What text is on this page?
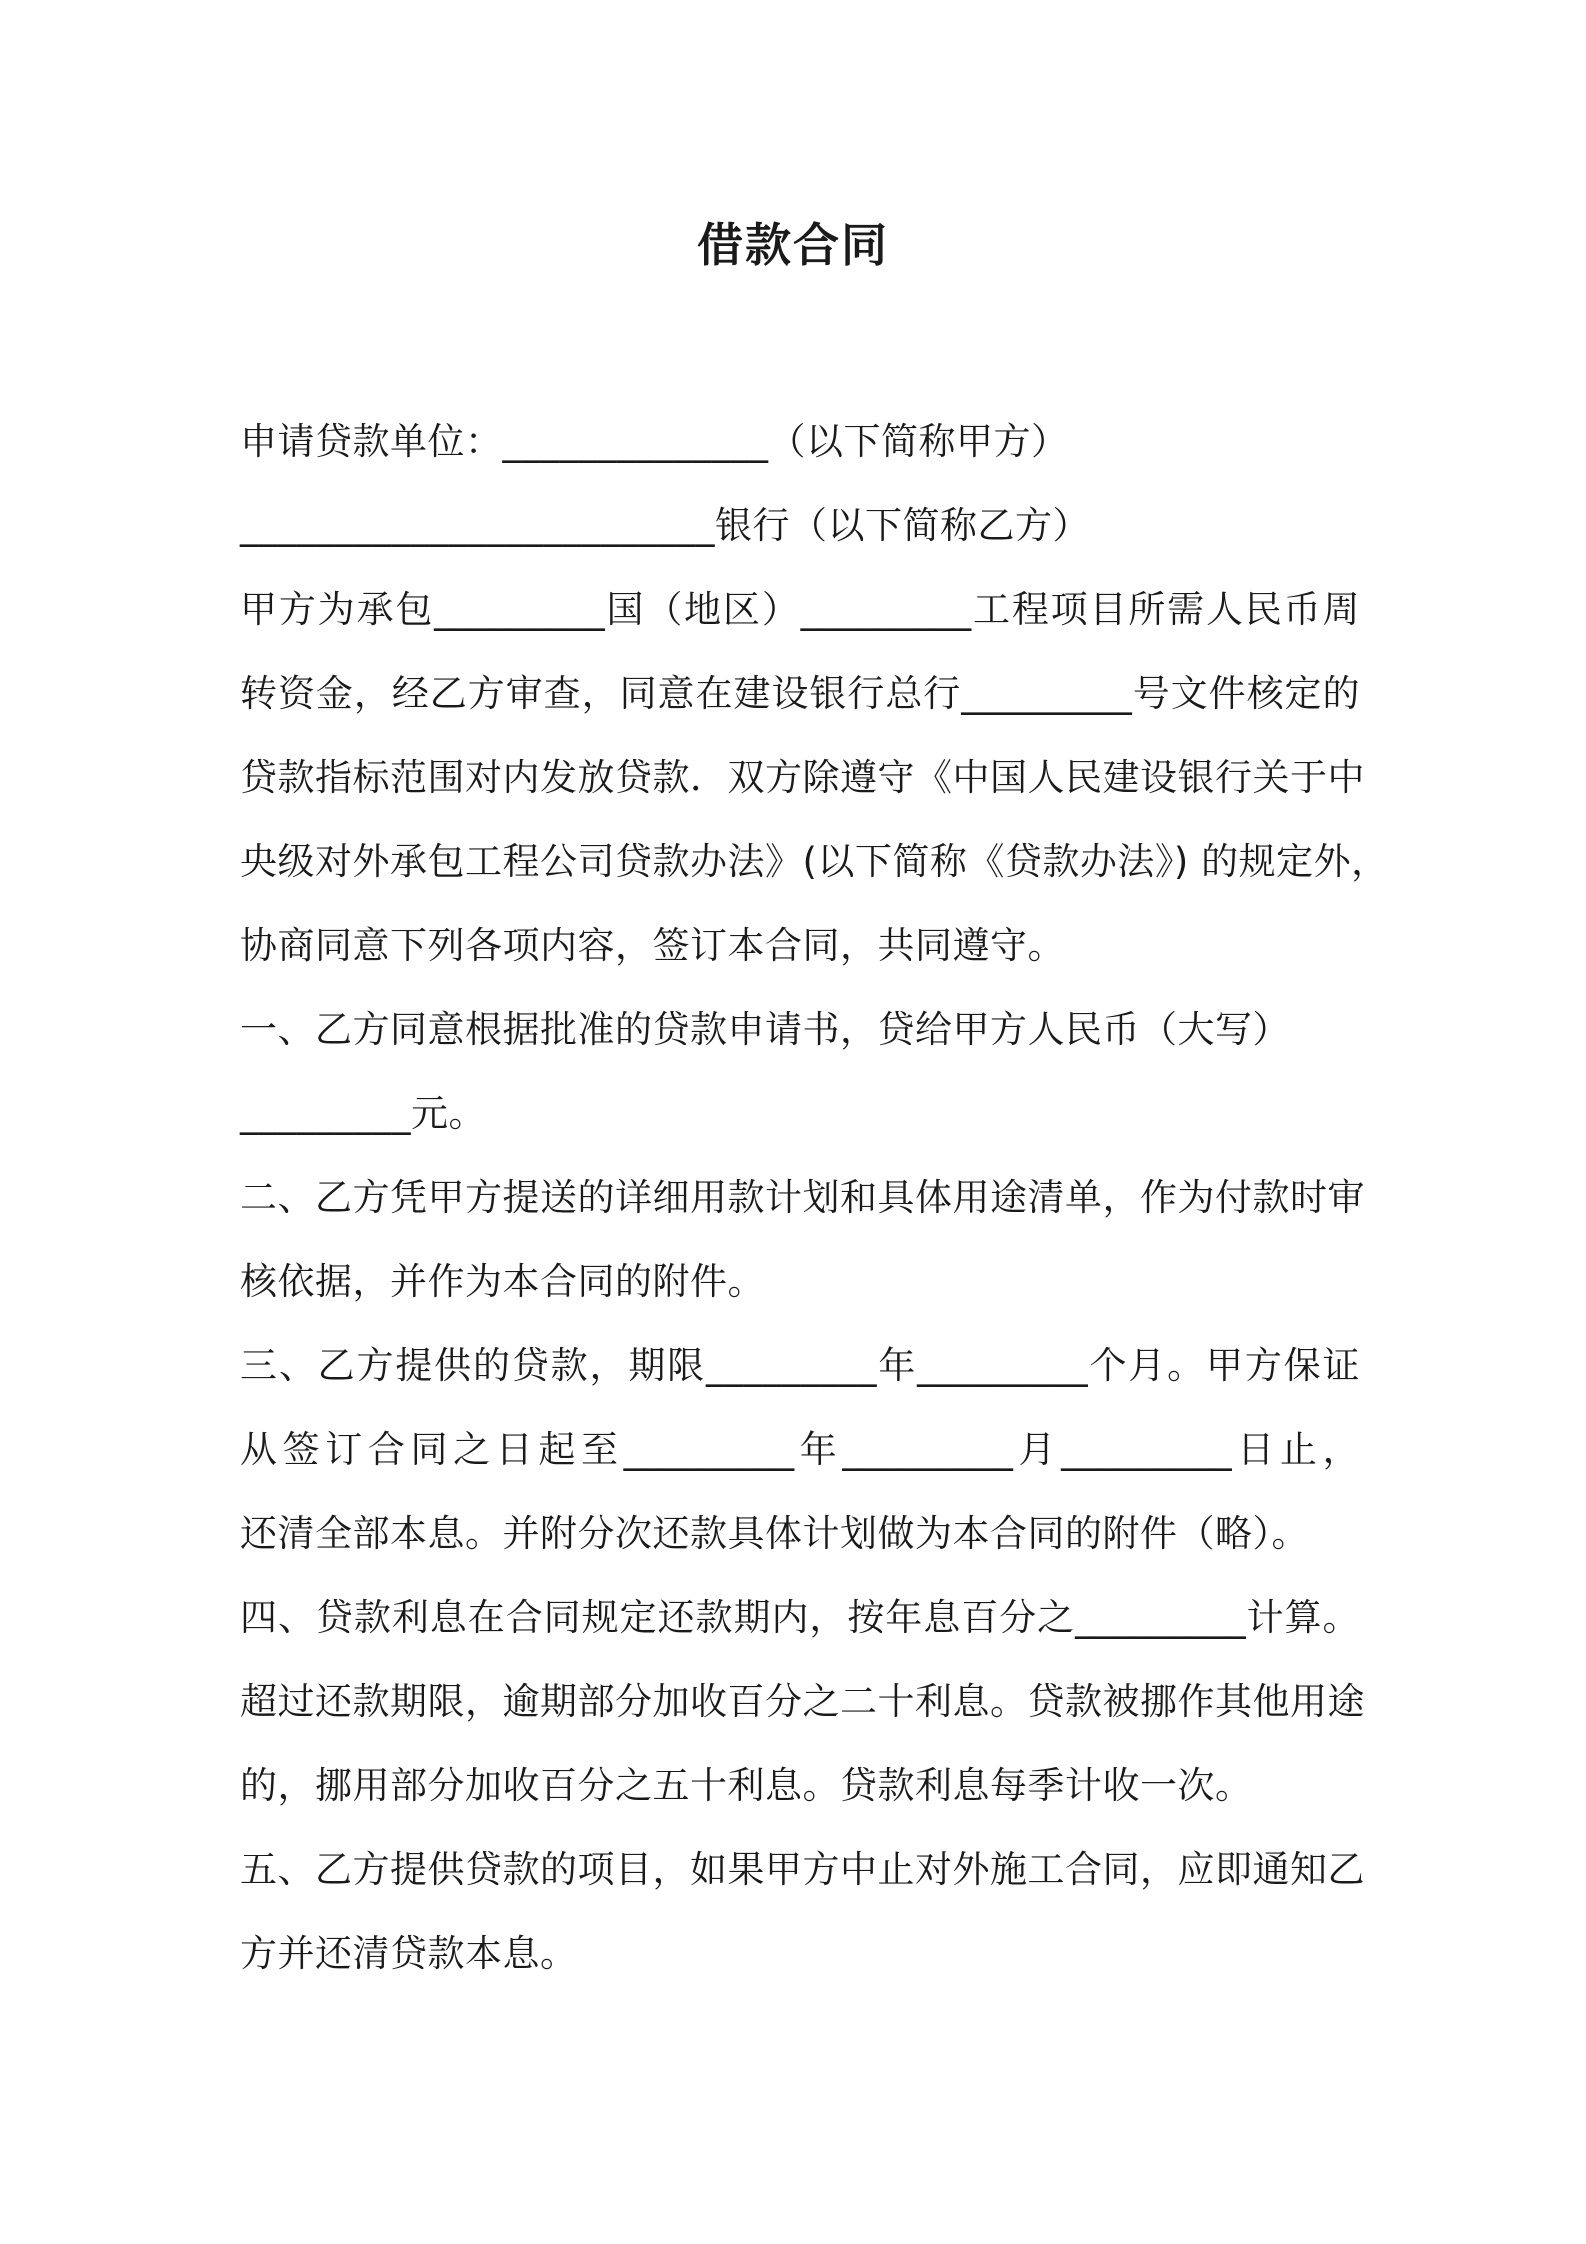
借款合同
申请贷款单位：______________（以下简称甲方）
_________________________银行（以下简称乙方）
甲方为承包_________国（地区）_________工程项目所需人民币周
转资金，经乙方审查，同意在建设银行总行_________号文件核定的
贷款指标范围对内发放贷款．双方除遵守《中国人民建设银行关于中
央级对外承包工程公司贷款办法》(以下简称《贷款办法》) 的规定外，
协商同意下列各项内容，签订本合同，共同遵守。
一、乙方同意根据批准的贷款申请书，贷给甲方人民币（大写）
_________元。
二、乙方凭甲方提送的详细用款计划和具体用途清单，作为付款时审
核依据，并作为本合同的附件。
三、乙方提供的贷款，期限_________年_________个月。甲方保证
从签订合同之日起至_________年_________月_________日止，
还清全部本息。并附分次还款具体计划做为本合同的附件（略）。
四、贷款利息在合同规定还款期内，按年息百分之_________计算。
超过还款期限，逾期部分加收百分之二十利息。贷款被挪作其他用途
的，挪用部分加收百分之五十利息。贷款利息每季计收一次。
五、乙方提供贷款的项目，如果甲方中止对外施工合同，应即通知乙
方并还清贷款本息。
